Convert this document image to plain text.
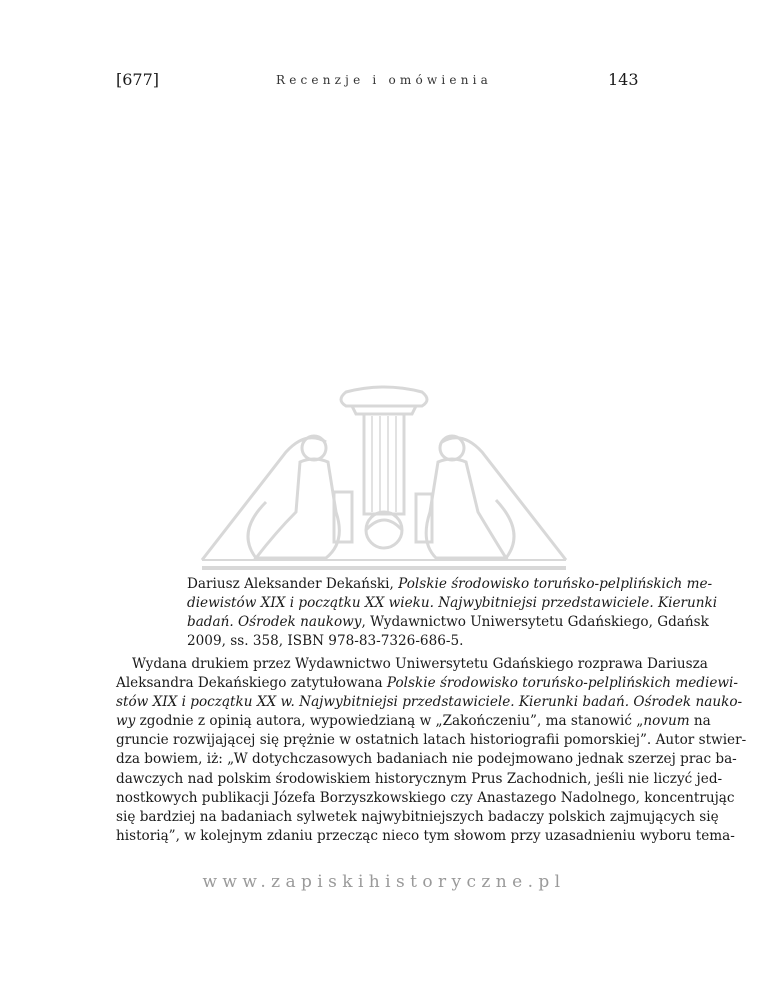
[677]	Recenzje i omówienia	143
Dariusz Aleksander Dekański, Polskie środowisko toruńsko-pelplińskich me-
diewistów XIX i początku XX wieku. Najwybitniejsi przedstawiciele. Kierunki
badań. Ośrodek naukowy, Wydawnictwo Uniwersytetu Gdańskiego, Gdańsk
2009, ss. 358, ISBN 978-83-7326-686-5.
Wydana drukiem przez Wydawnictwo Uniwersytetu Gdańskiego rozprawa Dariusza
Aleksandra Dekańskiego zatytułowana Polskie środowisko toruńsko-pelplińskich mediewi-
stów XIX i początku XX w. Najwybitniejsi przedstawiciele. Kierunki badań. Ośrodek nauko-
wy zgodnie z opinią autora, wypowiedzianą w „Zakończeniu”, ma stanowić „novum na
gruncie rozwijającej się prężnie w ostatnich latach historiografii pomorskiej”. Autor stwier-
dza bowiem, iż: „W dotychczasowych badaniach nie podejmowano jednak szerzej prac ba-
dawczych nad polskim środowiskiem historycznym Prus Zachodnich, jeśli nie liczyć jed-
nostkowych publikacji Józefa Borzyszkowskiego czy Anastazego Nadolnego, koncentrując
się bardziej na badaniach sylwetek najwybitniejszych badaczy polskich zajmujących się
historią”, w kolejnym zdaniu przecząc nieco tym słowom przy uzasadnieniu wyboru tema-
www.zapiskihistoryczne.pl
